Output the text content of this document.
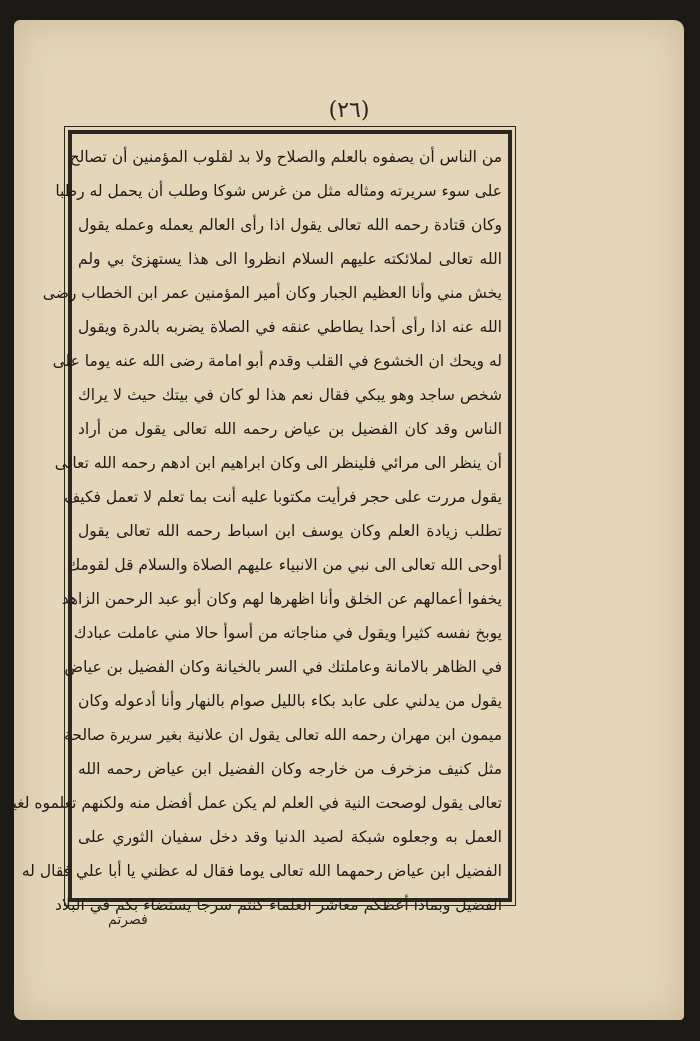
(٢٦)
من الناس أن يصفوه بالعلم والصلاح ولا بد لقلوب المؤمنين أن تصالح
على سوء سريرته ومثاله مثل من غرس شوكا وطلب أن يحمل له رطبا
وكان قتادة رحمه الله تعالى يقول اذا رأى العالم يعمله وعمله يقول
الله تعالى لملائكته عليهم السلام انظروا الى هذا يستهزئ بي ولم
يخش مني وأنا العظيم الجبار وكان أمير المؤمنين عمر ابن الخطاب رضى
الله عنه اذا رأى أحدا يطاطي عنقه في الصلاة يضربه بالدرة ويقول
له ويحك ان الخشوع في القلب وقدم أبو امامة رضى الله عنه يوما على
شخص ساجد وهو يبكي فقال نعم هذا لو كان في بيتك حيث لا يراك
الناس وقد كان الفضيل بن عياض رحمه الله تعالى يقول من أراد
أن ينظر الى مرائي فلينظر الى وكان ابراهيم ابن ادهم رحمه الله تعالى
يقول مررت على حجر فرأيت مكتوبا عليه أنت بما تعلم لا تعمل فكيف
تطلب زيادة العلم وكان يوسف ابن اسباط رحمه الله تعالى يقول
أوحى الله تعالى الى نبي من الانبياء عليهم الصلاة والسلام قل لقومك
يخفوا أعمالهم عن الخلق وأنا اظهرها لهم وكان أبو عبد الرحمن الزاهد
يوبخ نفسه كثيرا ويقول في مناجاته من أسوأ حالا مني عاملت عبادك
في الظاهر بالامانة وعاملتك في السر بالخيانة وكان الفضيل بن عياض
يقول من يدلني على عابد بكاء بالليل صوام بالنهار وأنا أدعوله وكان
ميمون ابن مهران رحمه الله تعالى يقول ان علانية بغير سريرة صالحة
مثل كنيف مزخرف من خارجه وكان الفضيل ابن عياض رحمه الله
تعالى يقول لوصحت النية في العلم لم يكن عمل أفضل منه ولكنهم تعلموه لغير
العمل به وجعلوه شبكة لصيد الدنيا وقد دخل سفيان الثوري على
الفضيل ابن عياض رحمهما الله تعالى يوما فقال له عظني يا أبا علي فقال له
الفضيل وبماذا أعظكم معاشر العلماء كنتم سرجا يستضاء بكم في البلاد
فصرتم
